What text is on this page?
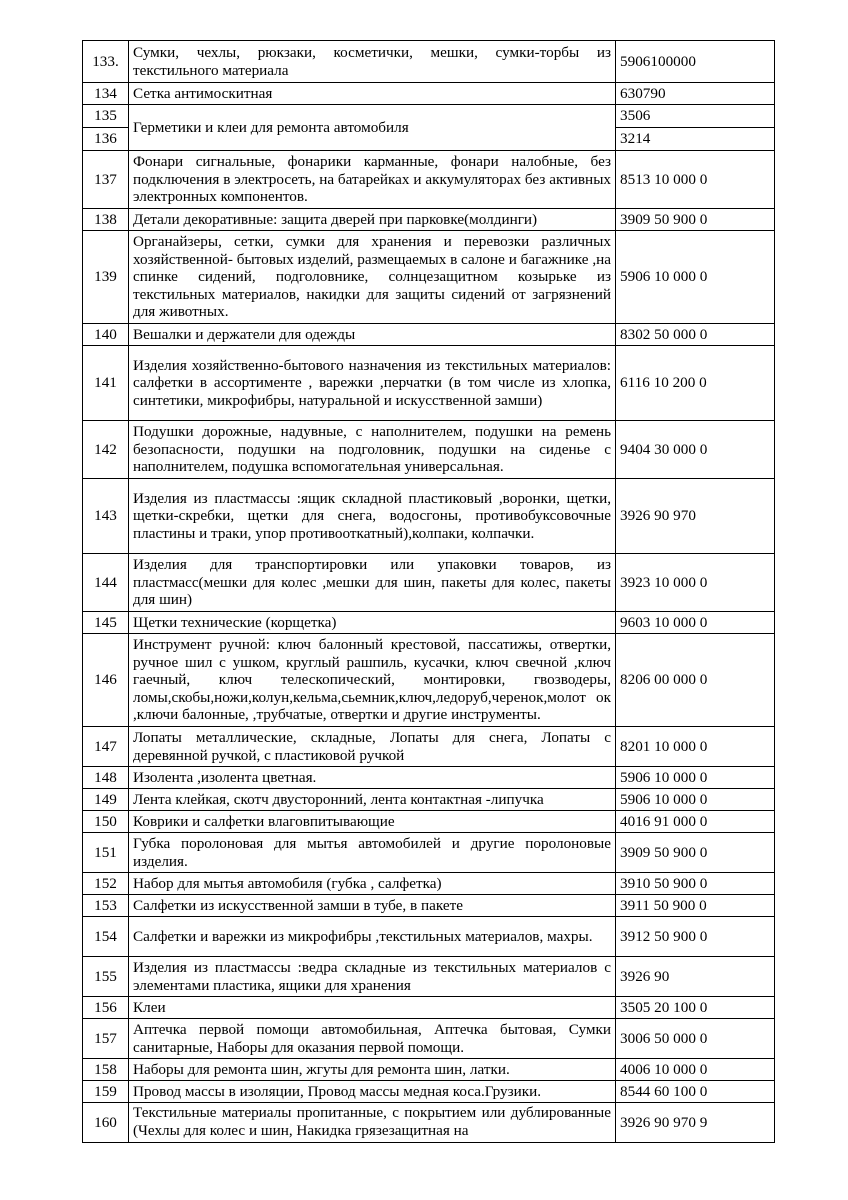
133.	Сумки, чехлы, рюкзаки, косметички, мешки, сумки-торбы из текстильного материала	5906100000
134	Сетка антимоскитная	630790
135	Герметики и клеи для ремонта автомобиля	3506
136		3214
137	Фонари сигнальные, фонарики карманные, фонари налобные, без подключения в электросеть, на батарейках и аккумуляторах без активных электронных компонентов.	8513 10 000 0
138	Детали декоративные: защита дверей при парковке(молдинги)	3909 50 900 0
139	Органайзеры, сетки, сумки для хранения и перевозки различных хозяйственной- бытовых изделий, размещаемых в салоне и багажнике ,на спинке сидений, подголовнике, солнцезащитном козырьке из текстильных материалов, накидки для защиты сидений от загрязнений для животных.	5906 10 000 0
140	Вешалки и держатели для одежды	8302 50 000 0
141	Изделия хозяйственно-бытового назначения из текстильных материалов: салфетки в ассортименте , варежки ,перчатки (в том числе из хлопка, синтетики, микрофибры, натуральной и искусственной замши)	6116 10 200 0
142	Подушки дорожные, надувные, с наполнителем, подушки на ремень безопасности, подушки на подголовник, подушки на сиденье с наполнителем, подушка вспомогательная универсальная.	9404 30 000 0
143	Изделия из пластмассы :ящик складной пластиковый ,воронки, щетки, щетки-скребки, щетки для снега, водосгоны, противобуксовочные пластины и траки, упор противооткатный),колпаки, колпачки.	3926 90 970
144	Изделия для транспортировки или упаковки товаров, из пластмасс(мешки для колес ,мешки для шин, пакеты для колес, пакеты для шин)	3923 10 000 0
145	Щетки технические (корщетка)	9603 10 000 0
146	Инструмент ручной: ключ балонный крестовой, пассатижы, отвертки, ручное шил с ушком, круглый рашпиль, кусачки, ключ свечной ,ключ гаечный, ключ телескопический, монтировки, гвозводеры, ломы,скобы,ножи,колун,кельма,сьемник,ключ,ледоруб,черенок,молот ок ,ключи балонные, ,трубчатые, отвертки и другие инструменты.	8206 00 000 0
147	Лопаты металлические, складные, Лопаты для снега, Лопаты с деревянной ручкой, с пластиковой ручкой	8201 10 000 0
148	Изолента ,изолента цветная.	5906 10 000 0
149	Лента клейкая, скотч двусторонний, лента контактная -липучка	5906 10 000 0
150	Коврики и салфетки влаговпитывающие	4016 91 000 0
151	Губка поролоновая для мытья автомобилей и другие поролоновые изделия.	3909 50 900 0
152	Набор для мытья автомобиля (губка , салфетка)	3910 50 900 0
153	Салфетки из искусственной замши в тубе, в пакете	3911 50 900 0
154	Салфетки и варежки из микрофибры ,текстильных материалов, махры.	3912 50 900 0
155	Изделия из пластмассы :ведра складные из текстильных материалов с элементами пластика, ящики для хранения	3926 90
156	Клеи	3505 20 100 0
157	Аптечка первой помощи автомобильная, Аптечка бытовая, Сумки санитарные, Наборы для оказания первой помощи.	3006 50 000 0
158	Наборы для ремонта шин, жгуты для ремонта шин, латки.	4006 10 000 0
159	Провод массы в изоляции, Провод массы медная коса.Грузики.	8544 60 100 0
160	Текстильные материалы пропитанные, с покрытием или дублированные (Чехлы для колес и шин, Накидка грязезащитная на	3926 90 970 9
